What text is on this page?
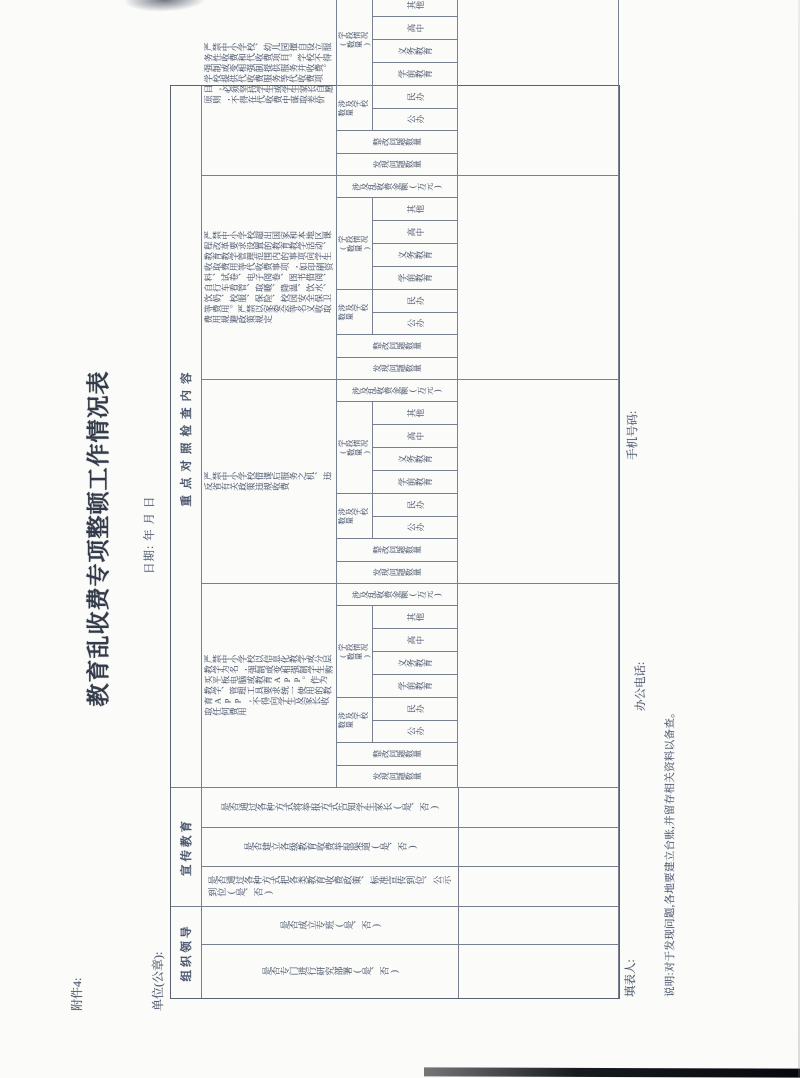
附件4:
教育乱收费专项整顿工作情况表	日期: 年 月 日
单位(公章):	组织领导
宣传教育
重点对照检查内容
是否专门进行研究部署(是、否)
是否成立专班(是、否)
是否通过各种方式把各类教育收费政策、标准宣传到位、公示到位(是、否)
是否建立各级教育收费举报渠道(是、否)
是否通过各种方式将举报方式告知学生家长(是、否)
严禁中小学校以信息化教学或分层教学为名,强制或变相强制学生购买平板电脑或教育APP。作为教学、管理工具要求统一使用的教育APP,不得向学生及家长收取任何费用
发现问题数量
整改问题数量
涉及学校数量
公办
民办
学段情况(数量)
学前教育
义务教育
高中
其他
涉及乱收费金额(万元)
严禁中小学校借课后服务之机、违反省有关政策违规收费
发现问题数量
整改问题数量
涉及学校数量
公办
民办
学段情况(数量)
学前教育
义务教育
高中
其他
涉及乱收费金额(万元)
严禁中小学校超出国家和本地区课程改革要求设置的教育教学活动、教育教学管理范围内的事项向学生收取费用等代收费事项,如印刷资料、试卷、电子阅卷、图书借阅、自行车看管、取暖、降温、饮水、饮奶、校服、保险、校园安全保卫等费用。严禁以家委会等名义收取费用规避政策规定
发现问题数量
整改问题数量
涉及学校数量
公办
民办
学段情况(数量)
学前教育
义务教育
高中
其他
涉及乱收费金额(万元)
严禁中小学校、幼儿园擅自设立服务性收费和代收费项目。学校不得强制或变相强制提供服务并收费。学校提供代收费服务等代收费项目,必须坚持学生或学生家长自愿原则,不得在代收费中谋取差价
发现问题数量
整改问题数量
涉及学校数量
公办
民办
学段情况(数量)
学前教育
义务教育
高中
其他
填表人:
办公电话:
手机号码:
说明:对于发现问题,各地要建立台账,并留存相关资料以备查。
